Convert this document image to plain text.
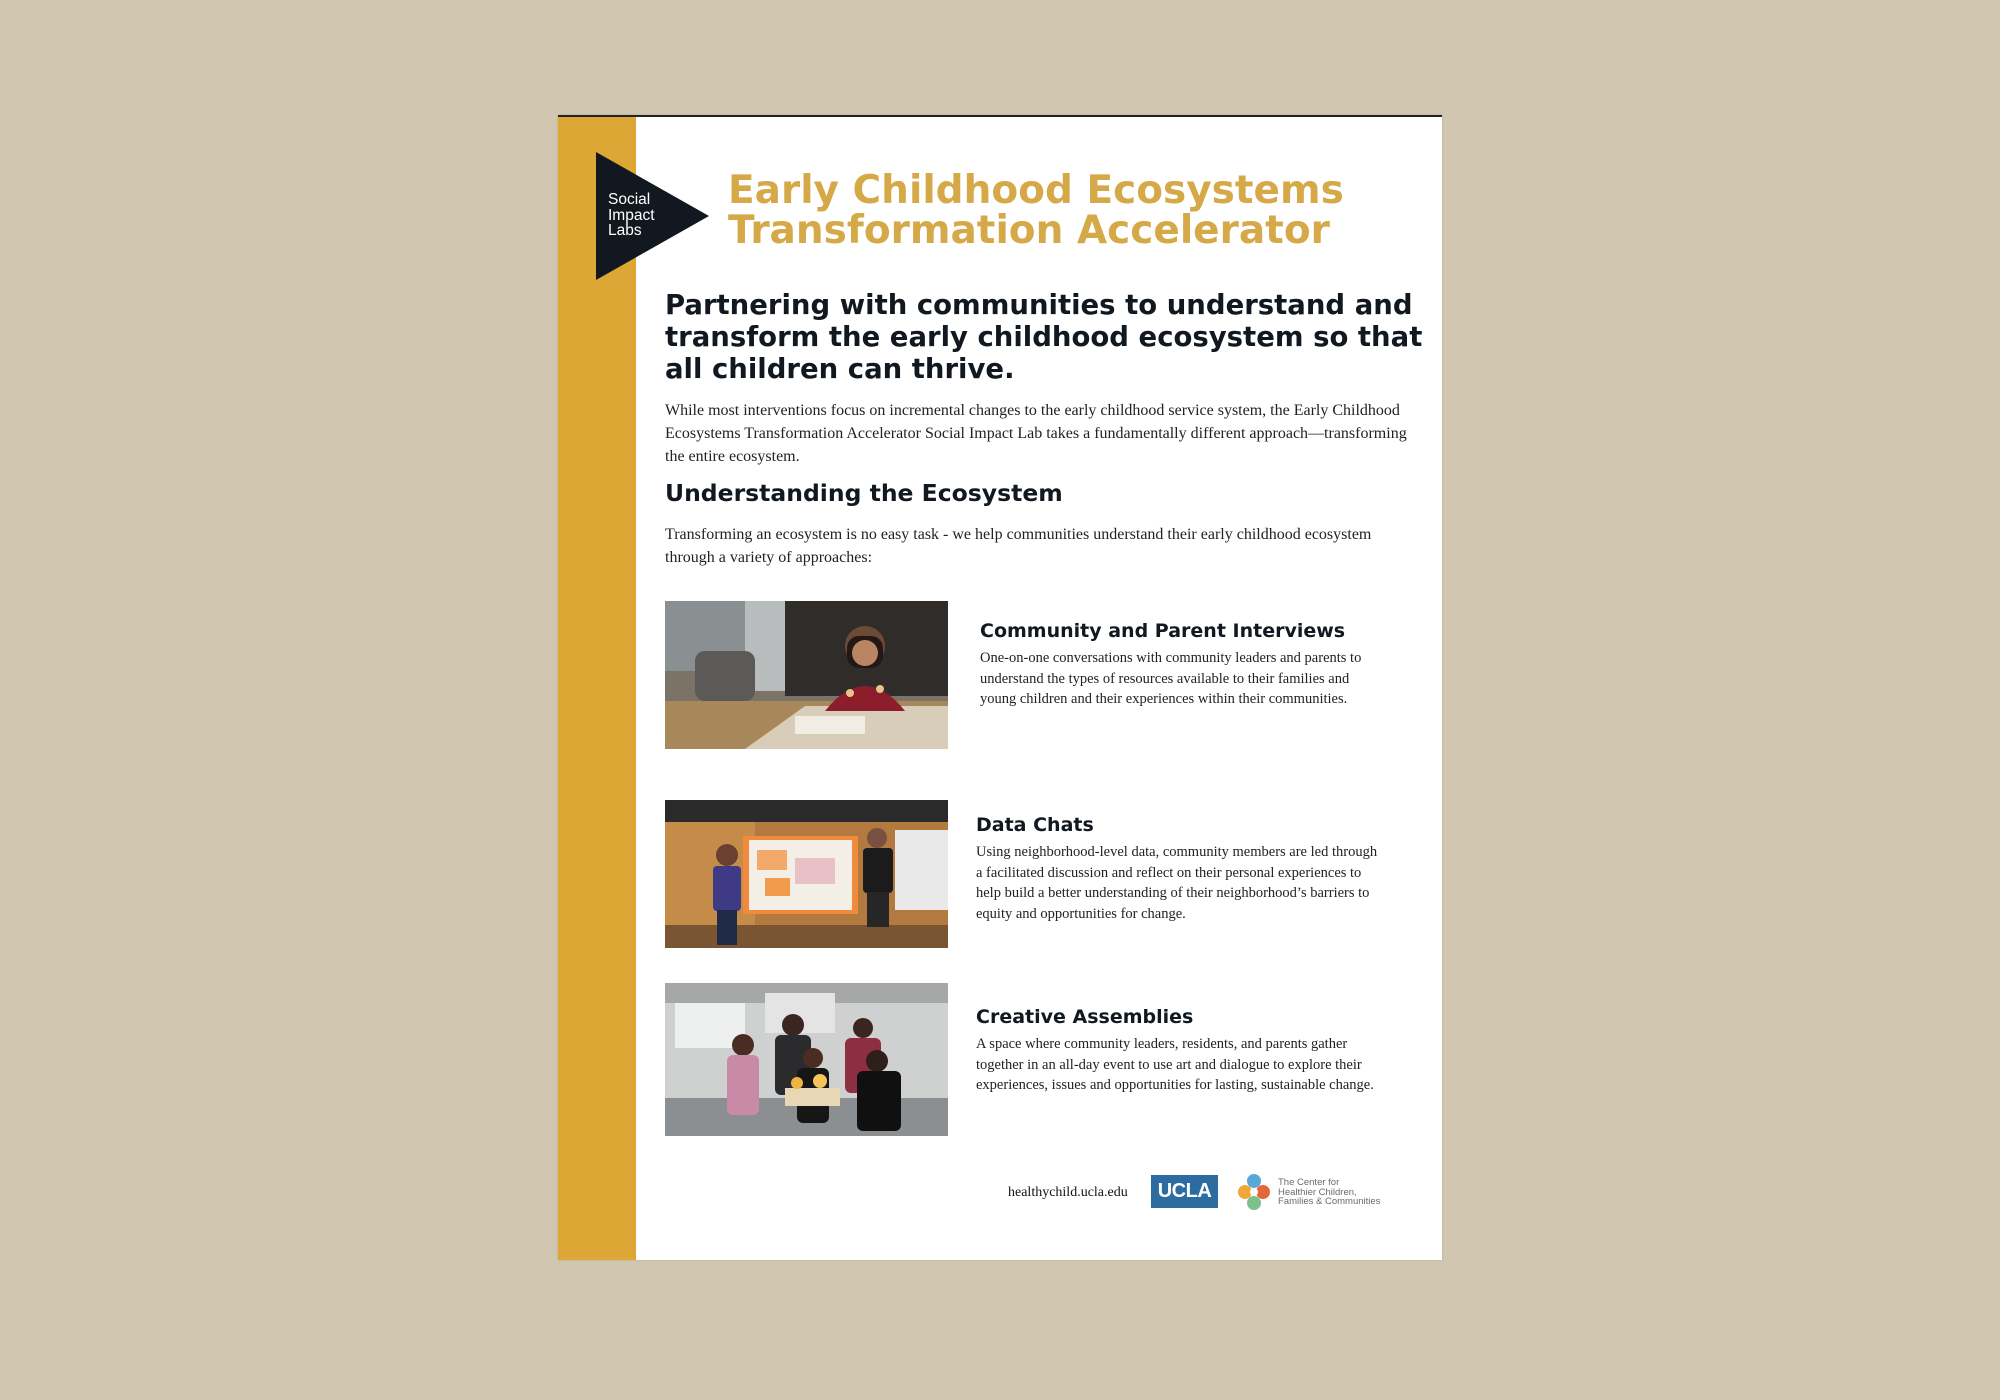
Social
Impact
Labs
Early Childhood Ecosystems
Transformation Accelerator
Partnering with communities to understand and transform the early childhood ecosystem so that all children can thrive.
While most interventions focus on incremental changes to the early childhood service system, the Early Childhood Ecosystems Transformation Accelerator Social Impact Lab takes a fundamentally different approach—transforming the entire ecosystem.
Understanding the Ecosystem
Transforming an ecosystem is no easy task - we help communities understand their early childhood ecosystem through a variety of approaches:
Community and Parent Interviews
One-on-one conversations with community leaders and parents to understand the types of resources available to their families and young children and their experiences within their communities.
Data Chats
Using neighborhood-level data, community members are led through a facilitated discussion and reflect on their personal experiences to help build a better understanding of their neighborhood’s barriers to equity and opportunities for change.
Creative Assemblies
A space where community leaders, residents, and parents gather together in an all-day event to use art and dialogue to explore their experiences, issues and opportunities for lasting, sustainable change.
healthychild.ucla.edu	UCLA	The Center for
Healthier Children,
Families & Communities
